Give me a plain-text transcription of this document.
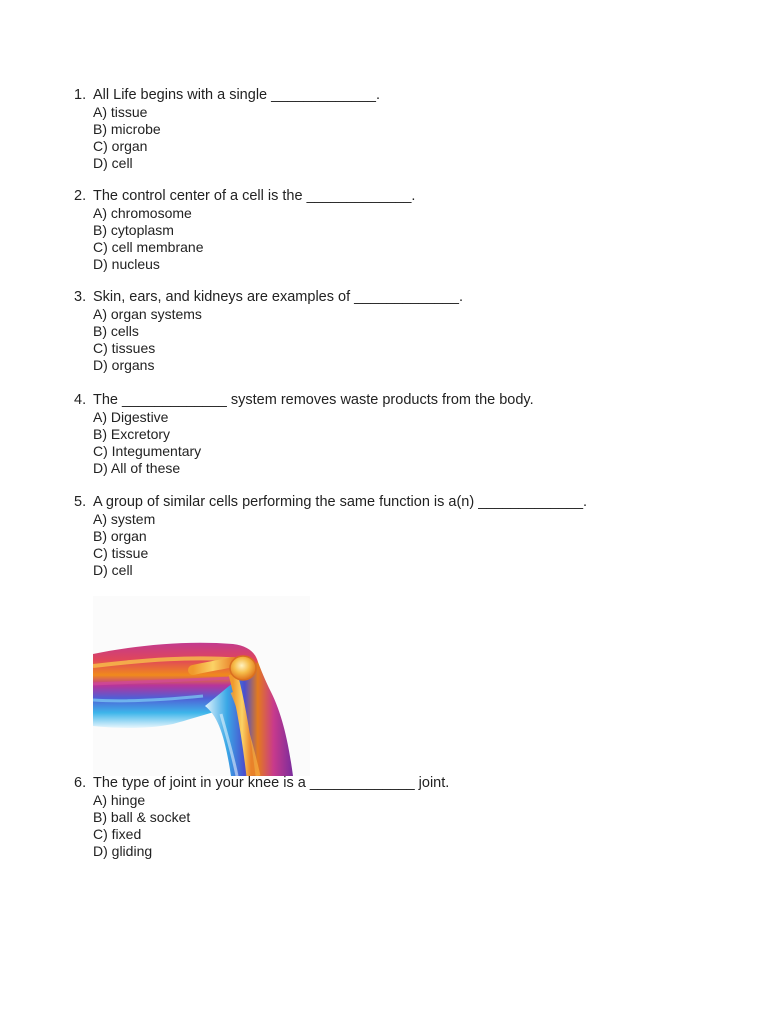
1. All Life begins with a single _____________.

A) tissue

B) microbe

C) organ

D) cell

2. The control center of a cell is the _____________.

A) chromosome

B) cytoplasm

C) cell membrane

D) nucleus

3. Skin, ears, and kidneys are examples of _____________.

A) organ systems

B) cells

C) tissues

D) organs

4. The _____________ system removes waste products from the body.

A) Digestive

B) Excretory

C) Integumentary

D) All of these

5. A group of similar cells performing the same function is a(n) _____________.

A) system

B) organ

C) tissue

D) cell

6. The type of joint in your knee is a _____________ joint.

A) hinge

B) ball & socket

C) fixed

D) gliding
